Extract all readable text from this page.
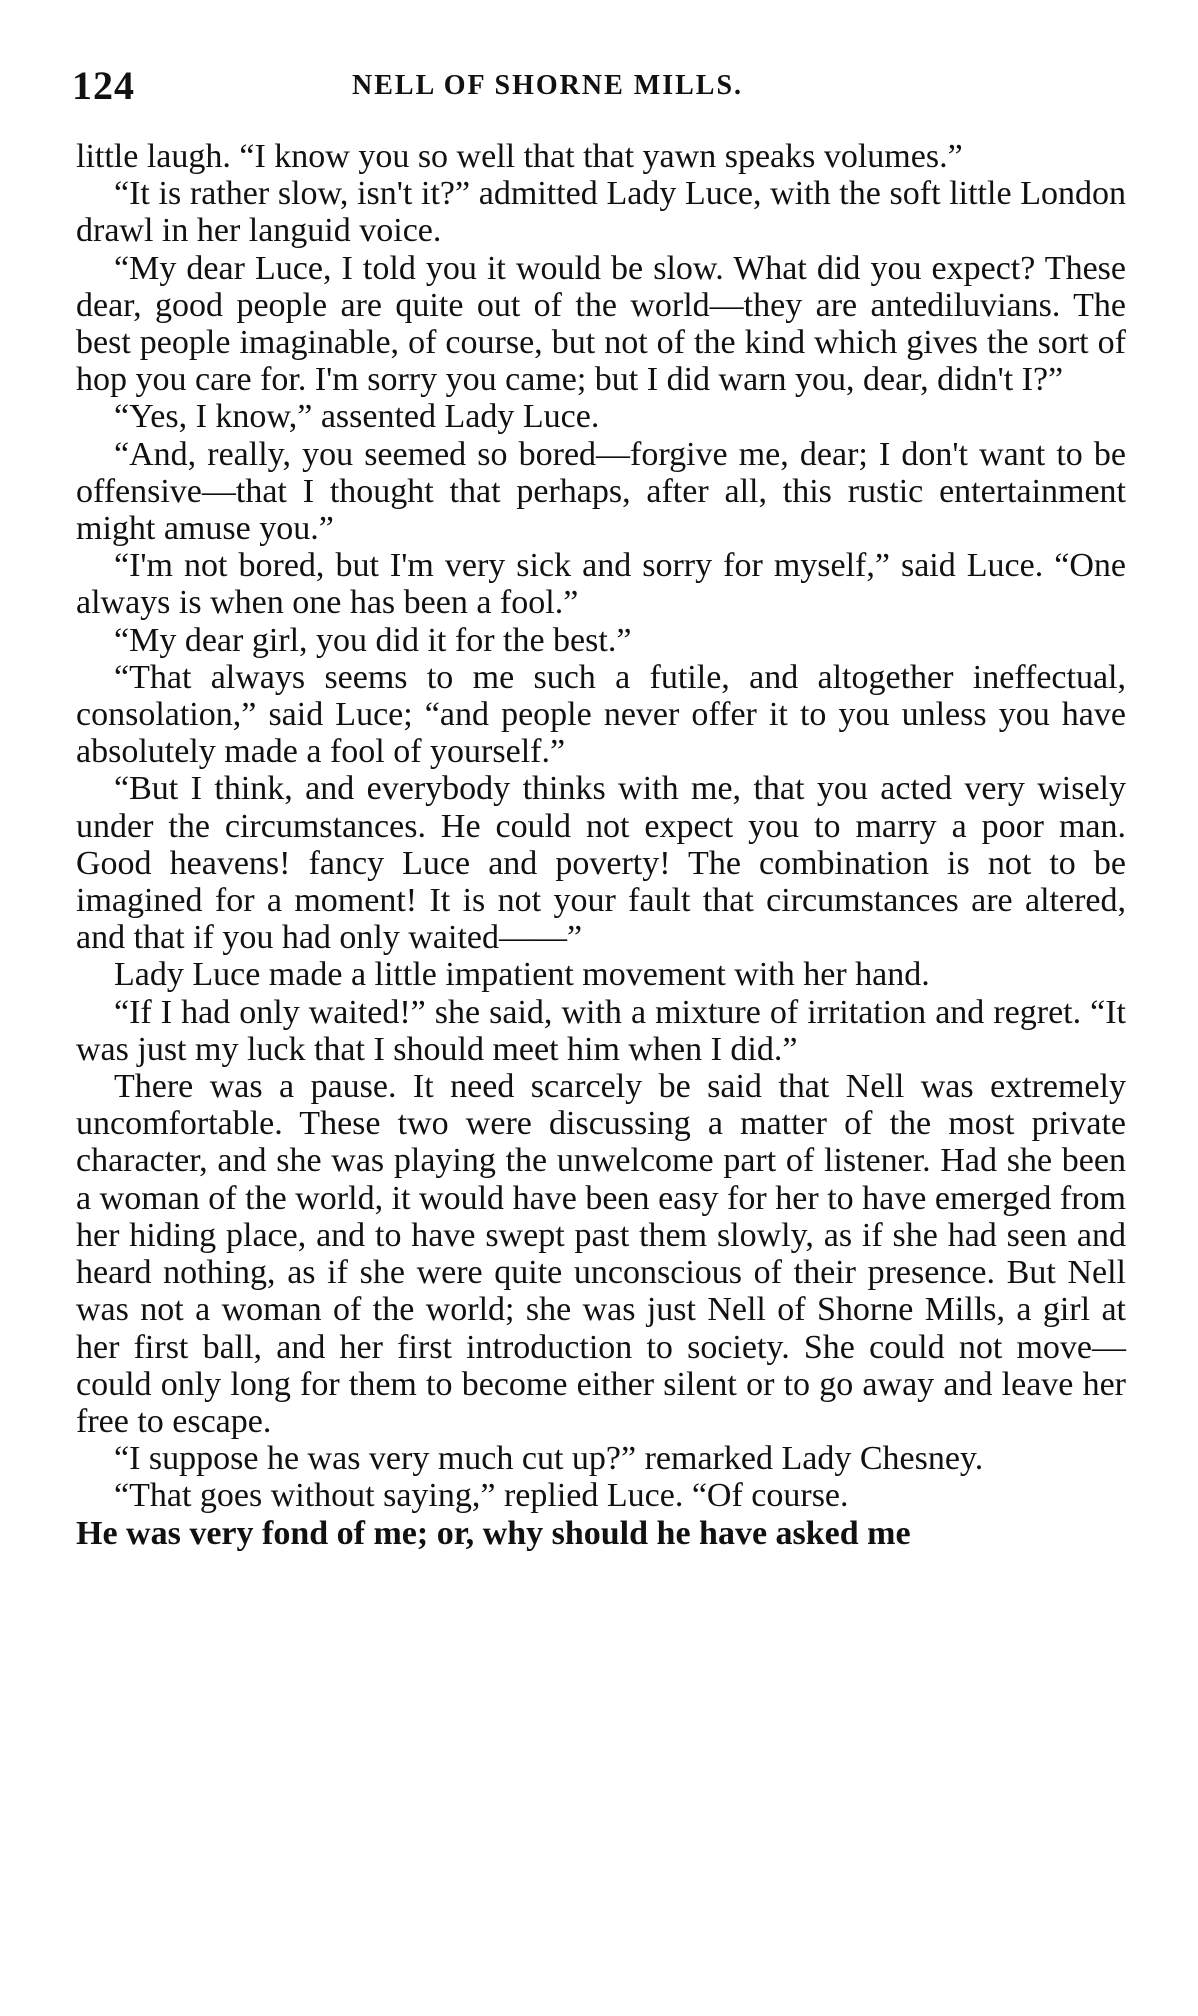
124	NELL OF SHORNE MILLS.

little laugh. “I know you so well that that yawn speaks volumes.”

“It is rather slow, isn't it?” admitted Lady Luce, with the soft little London drawl in her languid voice.

“My dear Luce, I told you it would be slow. What did you expect? These dear, good people are quite out of the world—they are antediluvians. The best people imaginable, of course, but not of the kind which gives the sort of hop you care for. I'm sorry you came; but I did warn you, dear, didn't I?”

“Yes, I know,” assented Lady Luce.

“And, really, you seemed so bored—forgive me, dear; I don't want to be offensive—that I thought that perhaps, after all, this rustic entertainment might amuse you.”

“I'm not bored, but I'm very sick and sorry for myself,” said Luce. “One always is when one has been a fool.”

“My dear girl, you did it for the best.”

“That always seems to me such a futile, and altogether ineffectual, consolation,” said Luce; “and people never offer it to you unless you have absolutely made a fool of yourself.”

“But I think, and everybody thinks with me, that you acted very wisely under the circumstances. He could not expect you to marry a poor man. Good heavens! fancy Luce and poverty! The combination is not to be imagined for a moment! It is not your fault that circumstances are altered, and that if you had only waited——”

Lady Luce made a little impatient movement with her hand.

“If I had only waited!” she said, with a mixture of irritation and regret. “It was just my luck that I should meet him when I did.”

There was a pause. It need scarcely be said that Nell was extremely uncomfortable. These two were discussing a matter of the most private character, and she was playing the unwelcome part of listener. Had she been a woman of the world, it would have been easy for her to have emerged from her hiding place, and to have swept past them slowly, as if she had seen and heard nothing, as if she were quite unconscious of their presence. But Nell was not a woman of the world; she was just Nell of Shorne Mills, a girl at her first ball, and her first introduction to society. She could not move—could only long for them to become either silent or to go away and leave her free to escape.

“I suppose he was very much cut up?” remarked Lady Chesney.

“That goes without saying,” replied Luce. “Of course.

He was very fond of me; or, why should he have asked me
